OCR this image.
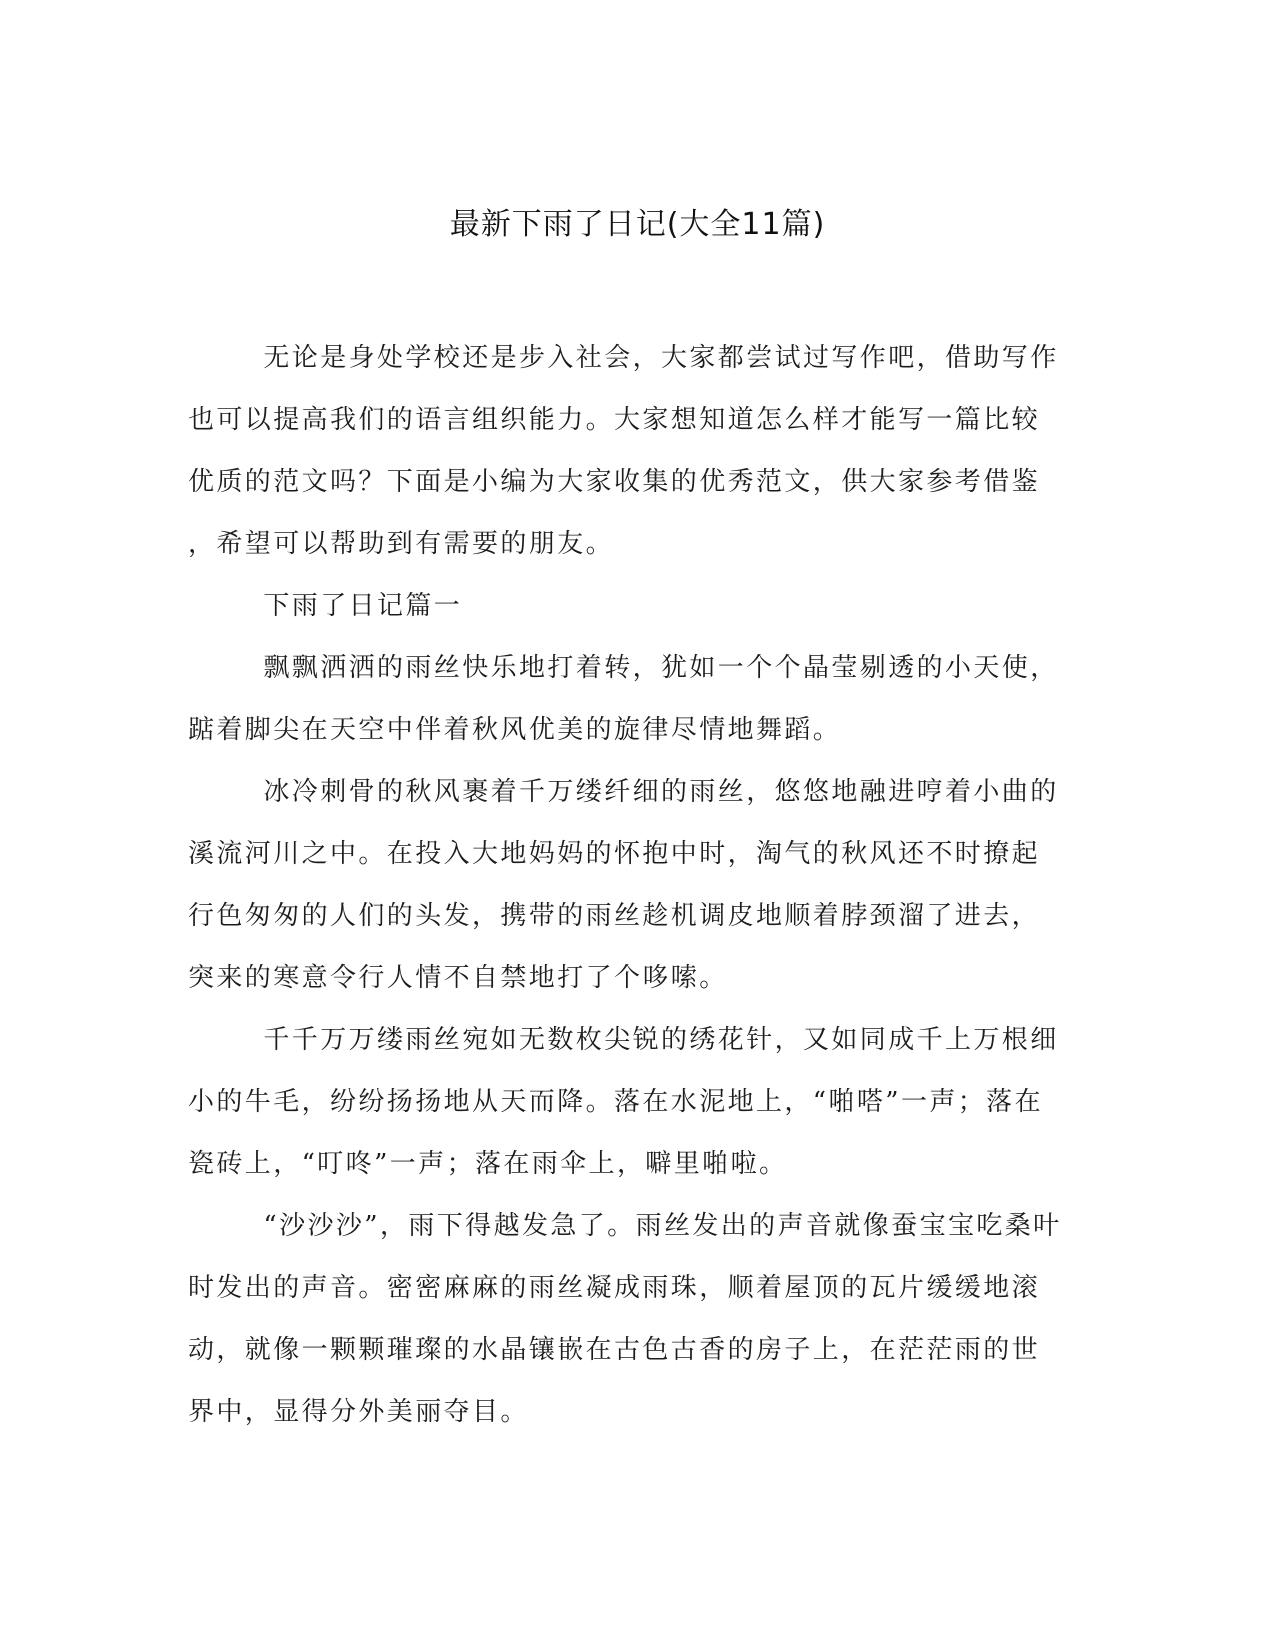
最新下雨了日记(大全11篇)

无论是身处学校还是步入社会，大家都尝试过写作吧，借助写作
也可以提高我们的语言组织能力。大家想知道怎么样才能写一篇比较
优质的范文吗？下面是小编为大家收集的优秀范文，供大家参考借鉴
，希望可以帮助到有需要的朋友。

下雨了日记篇一

飘飘洒洒的雨丝快乐地打着转，犹如一个个晶莹剔透的小天使，
踮着脚尖在天空中伴着秋风优美的旋律尽情地舞蹈。

冰冷刺骨的秋风裹着千万缕纤细的雨丝，悠悠地融进哼着小曲的
溪流河川之中。在投入大地妈妈的怀抱中时，淘气的秋风还不时撩起
行色匆匆的人们的头发，携带的雨丝趁机调皮地顺着脖颈溜了进去，
突来的寒意令行人情不自禁地打了个哆嗦。

千千万万缕雨丝宛如无数枚尖锐的绣花针，又如同成千上万根细
小的牛毛，纷纷扬扬地从天而降。落在水泥地上，“啪嗒”一声；落在
瓷砖上，“叮咚”一声；落在雨伞上，噼里啪啦。

“沙沙沙”，雨下得越发急了。雨丝发出的声音就像蚕宝宝吃桑叶
时发出的声音。密密麻麻的雨丝凝成雨珠，顺着屋顶的瓦片缓缓地滚
动，就像一颗颗璀璨的水晶镶嵌在古色古香的房子上，在茫茫雨的世
界中，显得分外美丽夺目。
